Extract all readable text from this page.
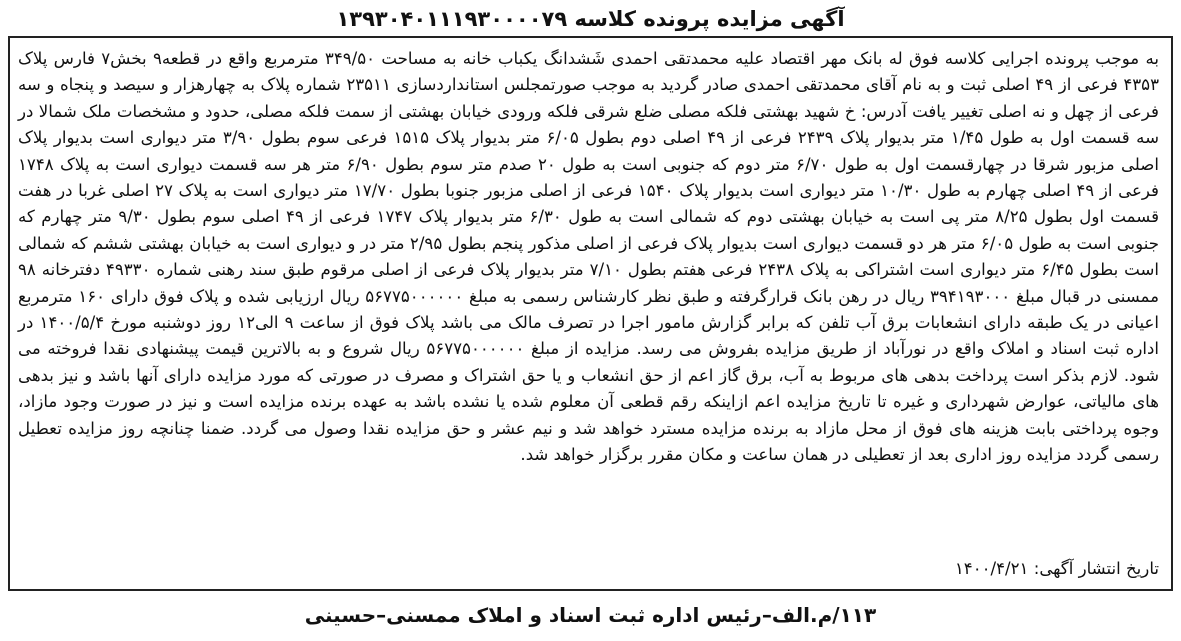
آگهی مزایده پرونده کلاسه ۱۳۹۳۰۴۰۱۱۱۹۳۰۰۰۰۷۹
به موجب پرونده اجرایی کلاسه فوق له بانک مهر اقتصاد علیه محمدتقی احمدی شَشدانگ یکباب خانه به مساحت ۳۴۹/۵۰ مترمربع واقع در قطعه۹ بخش۷ فارس پلاک ۴۳۵۳ فرعی از ۴۹ اصلی ثبت و به نام آقای محمدتقی احمدی صادر گردید به موجب صورتمجلس استانداردسازی ۲۳۵۱۱ شماره پلاک به چهارهزار و سیصد و پنجاه و سه فرعی از چهل و نه اصلی تغییر یافت آدرس: خ شهید بهشتی فلکه مصلی ضلع شرقی فلکه ورودی خیابان بهشتی از سمت فلکه مصلی، حدود و مشخصات ملک شمالا در سه قسمت اول به طول ۱/۴۵ متر بدیوار پلاک ۲۴۳۹ فرعی از ۴۹ اصلی دوم بطول ۶/۰۵ متر بدیوار پلاک ۱۵۱۵ فرعی سوم بطول ۳/۹۰ متر دیواری است بدیوار پلاک اصلی مزبور شرقا در چهارقسمت اول به طول ۶/۷۰ متر دوم که جنوبی است به طول ۲۰ صدم متر سوم بطول ۶/۹۰ متر هر سه قسمت دیواری است به پلاک ۱۷۴۸ فرعی از ۴۹ اصلی چهارم به طول ۱۰/۳۰ متر دیواری است بدیوار پلاک ۱۵۴۰ فرعی از اصلی مزبور جنوبا بطول ۱۷/۷۰ متر دیواری است به پلاک ۲۷ اصلی غربا در هفت قسمت اول بطول ۸/۲۵ متر پی است به خیابان بهشتی دوم که شمالی است به طول ۶/۳۰ متر بدیوار پلاک ۱۷۴۷ فرعی از ۴۹ اصلی سوم بطول ۹/۳۰ متر چهارم که جنوبی است به طول ۶/۰۵ متر هر دو قسمت دیواری است بدیوار پلاک فرعی از اصلی مذکور پنجم بطول ۲/۹۵ متر در و دیواری است به خیابان بهشتی ششم که شمالی است بطول ۶/۴۵ متر دیواری است اشتراکی به پلاک ۲۴۳۸ فرعی هفتم بطول ۷/۱۰ متر بدیوار پلاک فرعی از اصلی مرقوم طبق سند رهنی شماره ۴۹۳۳۰ دفترخانه ۹۸ ممسنی در قبال مبلغ ۳۹۴۱۹۳۰۰۰ ریال در رهن بانک قرارگرفته و طبق نظر کارشناس رسمی به مبلغ ۵۶۷۷۵۰۰۰۰۰۰ ریال ارزیابی شده و پلاک فوق دارای ۱۶۰ مترمربع اعیانی در یک طبقه دارای انشعابات برق آب تلفن که برابر گزارش مامور اجرا در تصرف مالک می باشد پلاک فوق از ساعت ۹ الی۱۲ روز دوشنبه مورخ ۱۴۰۰/۵/۴ در اداره ثبت اسناد و املاک واقع در نورآباد از طریق مزایده بفروش می رسد. مزایده از مبلغ ۵۶۷۷۵۰۰۰۰۰۰ ریال شروع و به بالاترین قیمت پیشنهادی نقدا فروخته می شود. لازم بذکر است پرداخت بدهی های مربوط به آب، برق گاز اعم از حق انشعاب و یا حق اشتراک و مصرف در صورتی که مورد مزایده دارای آنها باشد و نیز بدهی های مالیاتی، عوارض شهرداری و غیره تا تاریخ مزایده اعم ازاینکه رقم قطعی آن معلوم شده یا نشده باشد به عهده برنده مزایده است و نیز در صورت وجود مازاد، وجوه پرداختی بابت هزینه های فوق از محل مازاد به برنده مزایده مسترد خواهد شد و نیم عشر و حق مزایده نقدا وصول می گردد. ضمنا چنانچه روز مزایده تعطیل رسمی گردد مزایده روز اداری بعد از تعطیلی در همان ساعت و مکان مقرر برگزار خواهد شد.
تاریخ انتشار آگهی: ۱۴۰۰/۴/۲۱
۱۱۳/م.الف–رئیس اداره ثبت اسناد و املاک ممسنی–حسینی
